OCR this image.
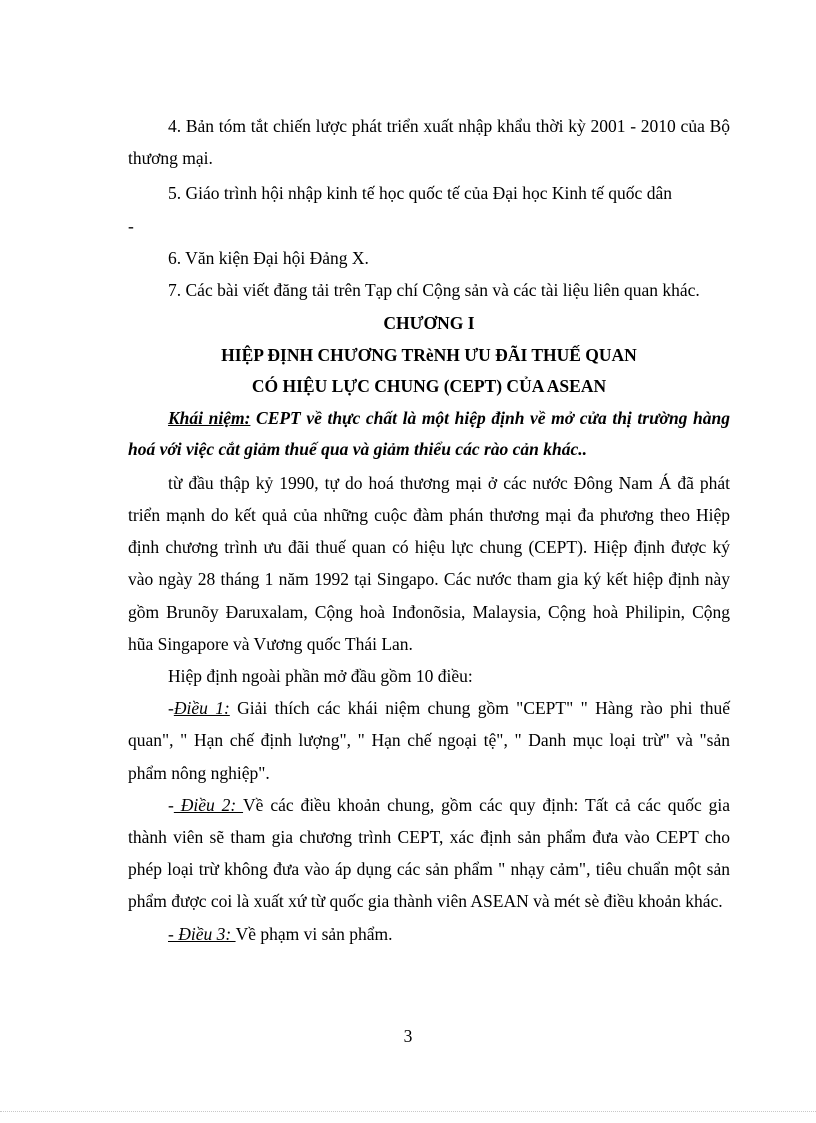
4. Bản tóm tắt chiến lược phát triển xuất nhập khẩu thời kỳ 2001 - 2010 của Bộ thương mại.

5. Giáo trình hội nhập kinh tế học quốc tế của Đại học Kinh tế quốc dân

-

6. Văn kiện Đại hội Đảng X.

7. Các bài viết đăng tải trên Tạp chí Cộng sản và các tài liệu liên quan khác.

CHƯƠNG I

HIỆP ĐỊNH CHƯƠNG TRèNH ƯU ĐÃI THUẾ QUAN

CÓ HIỆU LỰC CHUNG (CEPT) CỦA ASEAN

Khái niệm: CEPT về thực chất là một hiệp định về mở cửa thị trường hàng hoá với việc cắt giảm thuế qua và giảm thiểu các rào cản khác..

từ đầu thập kỷ 1990, tự do hoá thương mại ở các nước Đông Nam Á đã phát triển mạnh do kết quả của những cuộc đàm phán thương mại đa phương theo Hiệp định chương trình ưu đãi thuế quan có hiệu lực chung (CEPT). Hiệp định được ký vào ngày 28 tháng 1 năm 1992 tại Singapo. Các nước tham gia ký kết hiệp định này gồm Brunõy Đaruxalam, Cộng hoà Inđonõsia, Malaysia, Cộng hoà Philipin, Cộng hũa Singapore và Vương quốc Thái Lan.

Hiệp định ngoài phần mở đầu gồm 10 điều:

-Điều 1: Giải thích các khái niệm chung gồm "CEPT" " Hàng rào phi thuế quan", " Hạn chế định lượng", " Hạn chế ngoại tệ", " Danh mục loại trừ" và "sản phẩm nông nghiệp".

- Điều 2: Về các điều khoản chung, gồm các quy định: Tất cả các quốc gia thành viên sẽ tham gia chương trình CEPT, xác định sản phẩm đưa vào CEPT cho phép loại trừ không đưa vào áp dụng các sản phẩm " nhạy cảm", tiêu chuẩn một sản phẩm được coi là xuất xứ từ quốc gia thành viên ASEAN và mét sè điều khoản khác.

- Điều 3: Về phạm vi sản phẩm.

3
